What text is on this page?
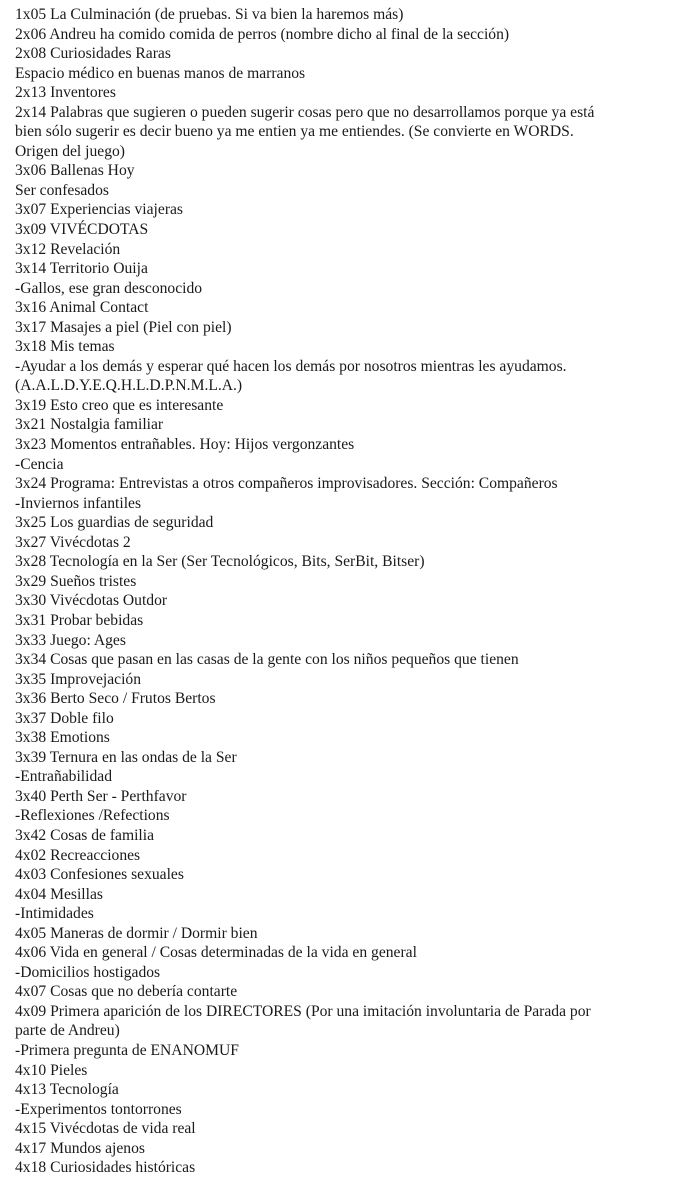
1x05 La Culminación (de pruebas. Si va bien la haremos más)
2x06 Andreu ha comido comida de perros (nombre dicho al final de la sección)
2x08 Curiosidades Raras
Espacio médico en buenas manos de marranos
2x13 Inventores
2x14 Palabras que sugieren o pueden sugerir cosas pero que no desarrollamos porque ya está
bien sólo sugerir es decir bueno ya me entien ya me entiendes. (Se convierte en WORDS.
Origen del juego)
3x06 Ballenas Hoy
Ser confesados
3x07 Experiencias viajeras
3x09 VIVÉCDOTAS
3x12 Revelación
3x14 Territorio Ouija
-Gallos, ese gran desconocido
3x16 Animal Contact
3x17 Masajes a piel (Piel con piel)
3x18 Mis temas
-Ayudar a los demás y esperar qué hacen los demás por nosotros mientras les ayudamos.
(A.A.L.D.Y.E.Q.H.L.D.P.N.M.L.A.)
3x19 Esto creo que es interesante
3x21 Nostalgia familiar
3x23 Momentos entrañables. Hoy: Hijos vergonzantes
-Cencia
3x24 Programa: Entrevistas a otros compañeros improvisadores. Sección: Compañeros
-Inviernos infantiles
3x25 Los guardias de seguridad
3x27 Vivécdotas 2
3x28 Tecnología en la Ser (Ser Tecnológicos, Bits, SerBit, Bitser)
3x29 Sueños tristes
3x30 Vivécdotas Outdor
3x31 Probar bebidas
3x33 Juego: Ages
3x34 Cosas que pasan en las casas de la gente con los niños pequeños que tienen
3x35 Improvejación
3x36 Berto Seco / Frutos Bertos
3x37 Doble filo
3x38 Emotions
3x39 Ternura en las ondas de la Ser
-Entrañabilidad
3x40 Perth Ser - Perthfavor
-Reflexiones /Refections
3x42 Cosas de familia
4x02 Recreacciones
4x03 Confesiones sexuales
4x04 Mesillas
-Intimidades
4x05 Maneras de dormir / Dormir bien
4x06 Vida en general / Cosas determinadas de la vida en general
-Domicilios hostigados
4x07 Cosas que no debería contarte
4x09 Primera aparición de los DIRECTORES (Por una imitación involuntaria de Parada por
parte de Andreu)
-Primera pregunta de ENANOMUF
4x10 Pieles
4x13 Tecnología
-Experimentos tontorrones
4x15 Vivécdotas de vida real
4x17 Mundos ajenos
4x18 Curiosidades históricas
